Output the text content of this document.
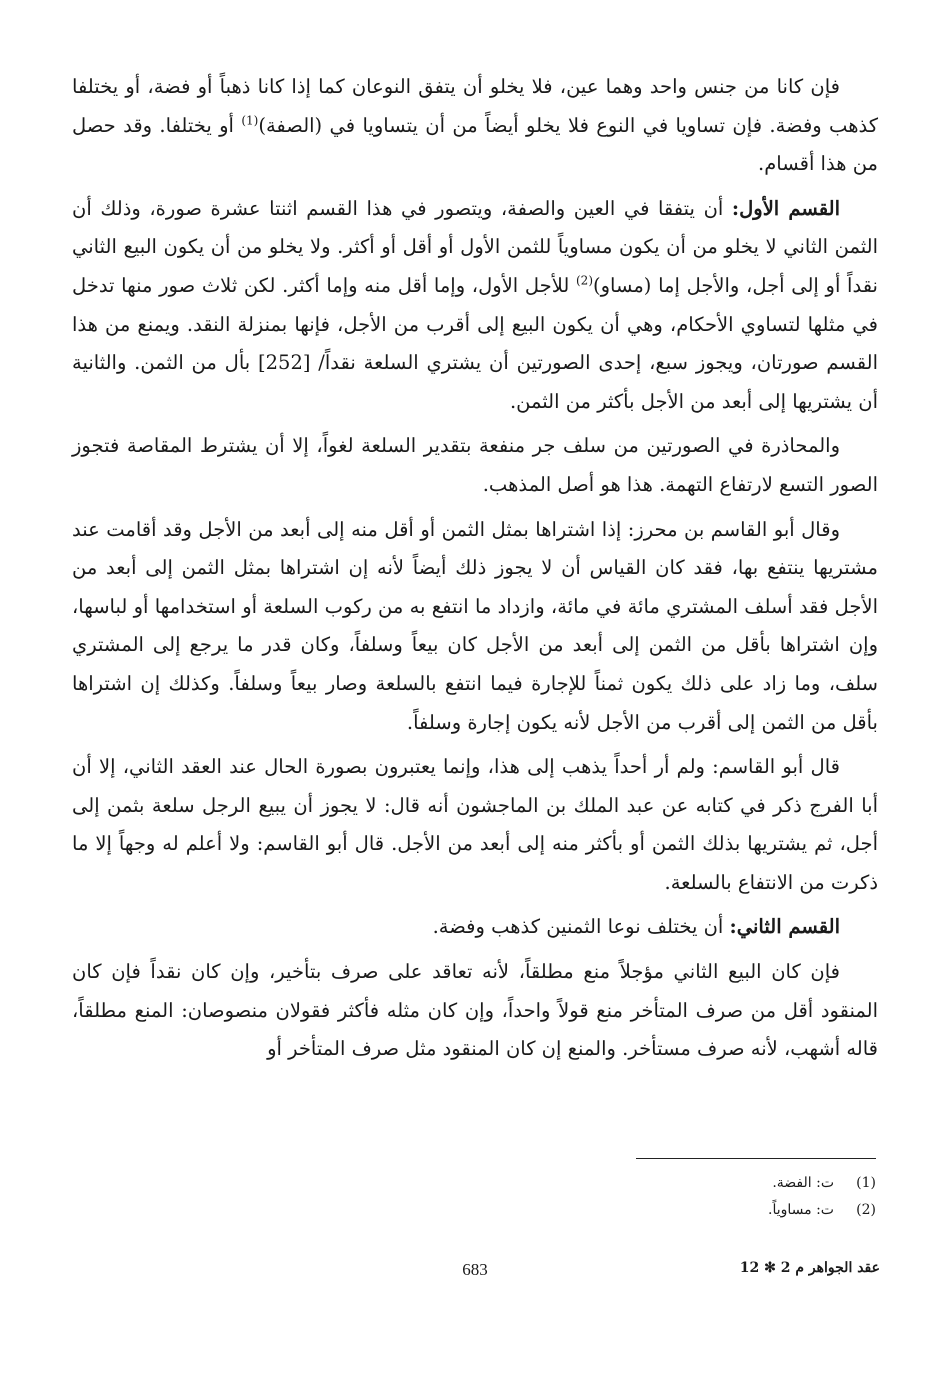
فإن كانا من جنس واحد وهما عين، فلا يخلو أن يتفق النوعان كما إذا كانا ذهباً أو فضة، أو يختلفا كذهب وفضة. فإن تساويا في النوع فلا يخلو أيضاً من أن يتساويا في (الصفة)$^{(1)}$ أو يختلفا. وقد حصل من هذا أقسام.

القسم الأول: أن يتفقا في العين والصفة، ويتصور في هذا القسم اثنتا عشرة صورة، وذلك أن الثمن الثاني لا يخلو من أن يكون مساوياً للثمن الأول أو أقل أو أكثر. ولا يخلو من أن يكون البيع الثاني نقداً أو إلى أجل، والأجل إما (مساو)$^{(2)}$ للأجل الأول، وإما أقل منه وإما أكثر. لكن ثلاث صور منها تدخل في مثلها لتساوي الأحكام، وهي أن يكون البيع إلى أقرب من الأجل، فإنها بمنزلة النقد. ويمنع من هذا القسم صورتان، ويجوز سبع، إحدى الصورتين أن يشتري السلعة نقداً/ [252] بأل من الثمن. والثانية أن يشتريها إلى أبعد من الأجل بأكثر من الثمن.

والمحاذرة في الصورتين من سلف جر منفعة بتقدير السلعة لغواً، إلا أن يشترط المقاصة فتجوز الصور التسع لارتفاع التهمة. هذا هو أصل المذهب.

وقال أبو القاسم بن محرز: إذا اشتراها بمثل الثمن أو أقل منه إلى أبعد من الأجل وقد أقامت عند مشتريها ينتفع بها، فقد كان القياس أن لا يجوز ذلك أيضاً لأنه إن اشتراها بمثل الثمن إلى أبعد من الأجل فقد أسلف المشتري مائة في مائة، وازداد ما انتفع به من ركوب السلعة أو استخدامها أو لباسها، وإن اشتراها بأقل من الثمن إلى أبعد من الأجل كان بيعاً وسلفاً، وكان قدر ما يرجع إلى المشتري سلف، وما زاد على ذلك يكون ثمناً للإجارة فيما انتفع بالسلعة وصار بيعاً وسلفاً. وكذلك إن اشتراها بأقل من الثمن إلى أقرب من الأجل لأنه يكون إجارة وسلفاً.

قال أبو القاسم: ولم أر أحداً يذهب إلى هذا، وإنما يعتبرون بصورة الحال عند العقد الثاني، إلا أن أبا الفرج ذكر في كتابه عن عبد الملك بن الماجشون أنه قال: لا يجوز أن يبيع الرجل سلعة بثمن إلى أجل، ثم يشتريها بذلك الثمن أو بأكثر منه إلى أبعد من الأجل. قال أبو القاسم: ولا أعلم له وجهاً إلا ما ذكرت من الانتفاع بالسلعة.

القسم الثاني: أن يختلف نوعا الثمنين كذهب وفضة.

فإن كان البيع الثاني مؤجلاً منع مطلقاً، لأنه تعاقد على صرف بتأخير، وإن كان نقداً فإن كان المنقود أقل من صرف المتأخر منع قولاً واحداً، وإن كان مثله فأكثر فقولان منصوصان: المنع مطلقاً، قاله أشهب، لأنه صرف مستأخر. والمنع إن كان المنقود مثل صرف المتأخر أو

(1)
ت: الفضة.
(2)
ت: مساوياً.
683	عقد الجواهر م 2 ✻ 12
